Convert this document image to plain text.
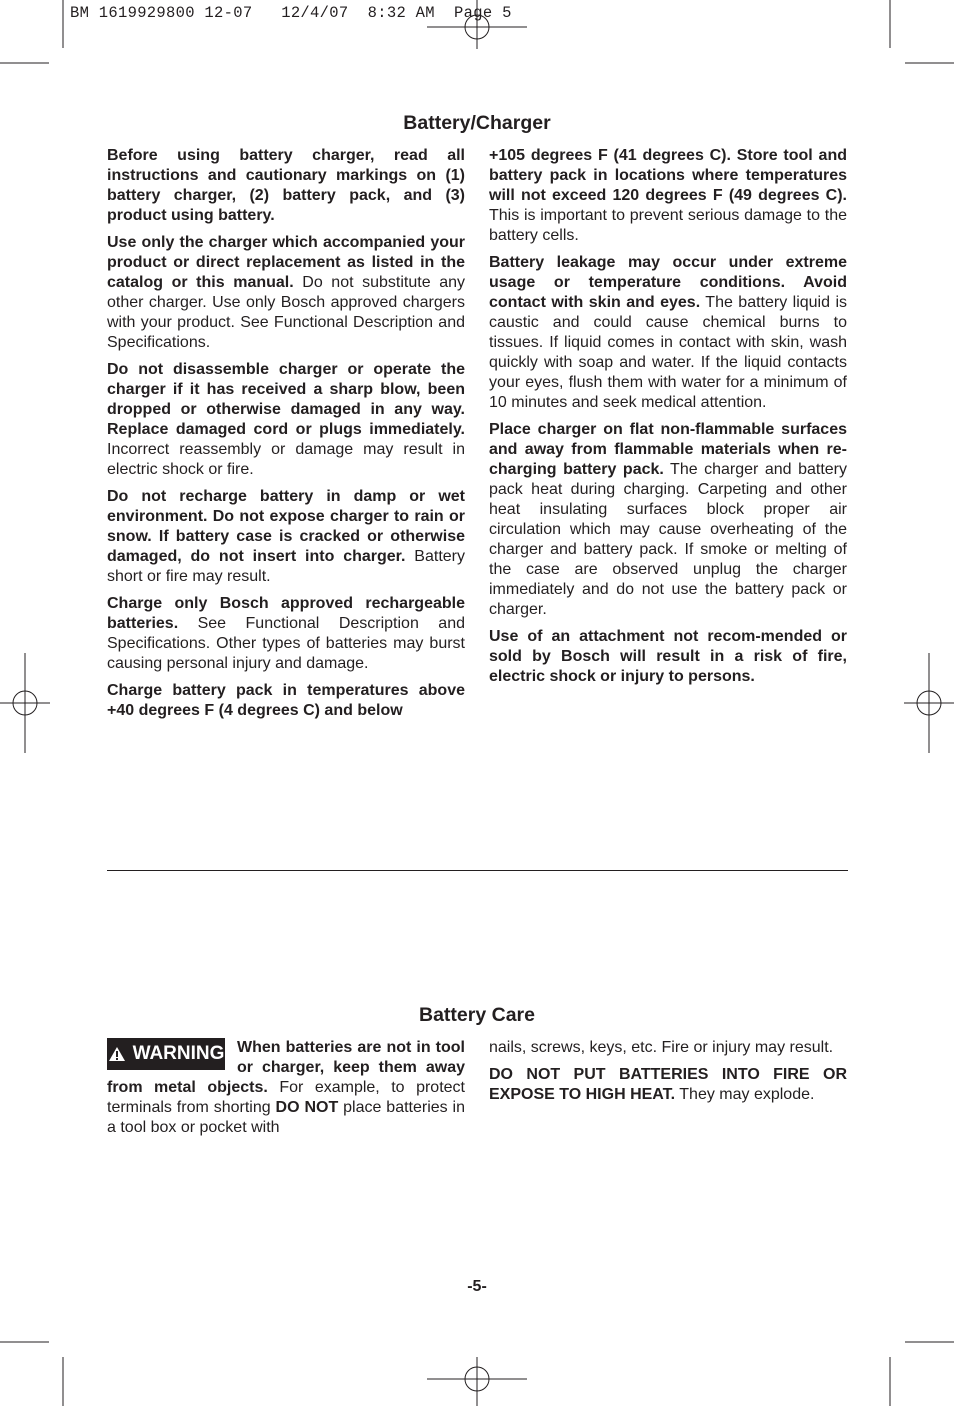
BM 1619929800 12-07   12/4/07  8:32 AM  Page 5
Battery/Charger

Before using battery charger, read all instructions and cautionary markings on (1) battery charger, (2) battery pack, and (3) product using battery.

Use only the charger which accompanied your product or direct replacement as listed in the catalog or this manual. Do not substitute any other charger. Use only Bosch approved chargers with your product. See Functional Description and Specifications.

Do not disassemble charger or operate the charger if it has received a sharp blow, been dropped or otherwise damaged in any way. Replace damaged cord or plugs immediately. Incorrect reassembly or damage may result in electric shock or fire.

Do not recharge battery in damp or wet environment. Do not expose charger to rain or snow. If battery case is cracked or otherwise damaged, do not insert into charger. Battery short or fire may result.

Charge only Bosch approved rechargeable batteries. See Functional Description and Specifications. Other types of batteries may burst causing personal injury and damage.

Charge battery pack in temperatures above +40 degrees F (4 degrees C) and below

+105 degrees F (41 degrees C). Store tool and battery pack in locations where temperatures will not exceed 120 degrees F (49 degrees C). This is important to prevent serious damage to the battery cells.

Battery leakage may occur under extreme usage or temperature conditions. Avoid contact with skin and eyes. The battery liquid is caustic and could cause chemical burns to tissues. If liquid comes in contact with skin, wash quickly with soap and water. If the liquid contacts your eyes, flush them with water for a minimum of 10 minutes and seek medical attention.

Place charger on flat non-flammable surfaces and away from flammable materials when re-charging battery pack. The charger and battery pack heat during charging. Carpeting and other heat insulating surfaces block proper air circulation which may cause overheating of the charger and battery pack. If smoke or melting of the case are observed unplug the charger immediately and do not use the battery pack or charger.

Use of an attachment not recom-mended or sold by Bosch will result in a risk of fire, electric shock or injury to persons.

Battery Care

WARNING When batteries are not in tool or charger, keep them away from metal objects. For example, to protect terminals from shorting DO NOT place batteries in a tool box or pocket with

nails, screws, keys, etc. Fire or injury may result.

DO NOT PUT BATTERIES INTO FIRE OR EXPOSE TO HIGH HEAT. They may explode.

-5-
